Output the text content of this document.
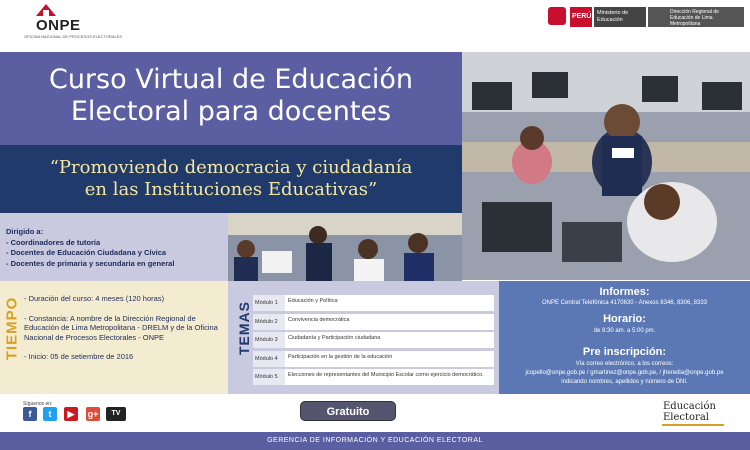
ONPE
OFICINA NACIONAL DE PROCESOS ELECTORALES
PERÚ	Ministerio de Educación
Dirección Regional de Educación de Lima Metropolitana
Curso Virtual de Educación
Electoral para docentes
“Promoviendo democracia y ciudadanía
en las Instituciones Educativas”
Dirigido a:
- Coordinadores de tutoría
- Docentes de Educación Ciudadana y Cívica
- Docentes de primaria y secundaria en general
TIEMPO - Duración del curso: 4 meses (120 horas)
- Constancia: A nombre de la Dirección Regional de Educación de Lima Metropolitana - DRELM y de la Oficina Nacional de Procesos Electorales - ONPE
- Inicio: 05 de setiembre de 2016
TEMAS Módulo 1	Educación y Política
Módulo 2	Convivencia democrática
Módulo 3	Ciudadanía y Participación ciudadana
Módulo 4	Participación en la gestión de la educación
Módulo 5	Elecciones de representantes del Municipio Escolar como ejercicio democrático.
Informes:
ONPE Central Telefónica 4170630 - Anexos 8346, 8306, 8333
Horario:
de 8:30 am. a 5:00 pm.
Pre inscripción:
Vía correo electrónico, a los correos:
jcopello@onpe.gob.pe / gmartinez@onpe.gob.pe, / jheredia@onpe.gob.pe
indicando nombres, apellidos y número de DNI.
Síguenos en:
f	t	▶	g+	TV	Gratuito	Educación
Electoral
GERENCIA DE INFORMACIÓN Y EDUCACIÓN ELECTORAL
